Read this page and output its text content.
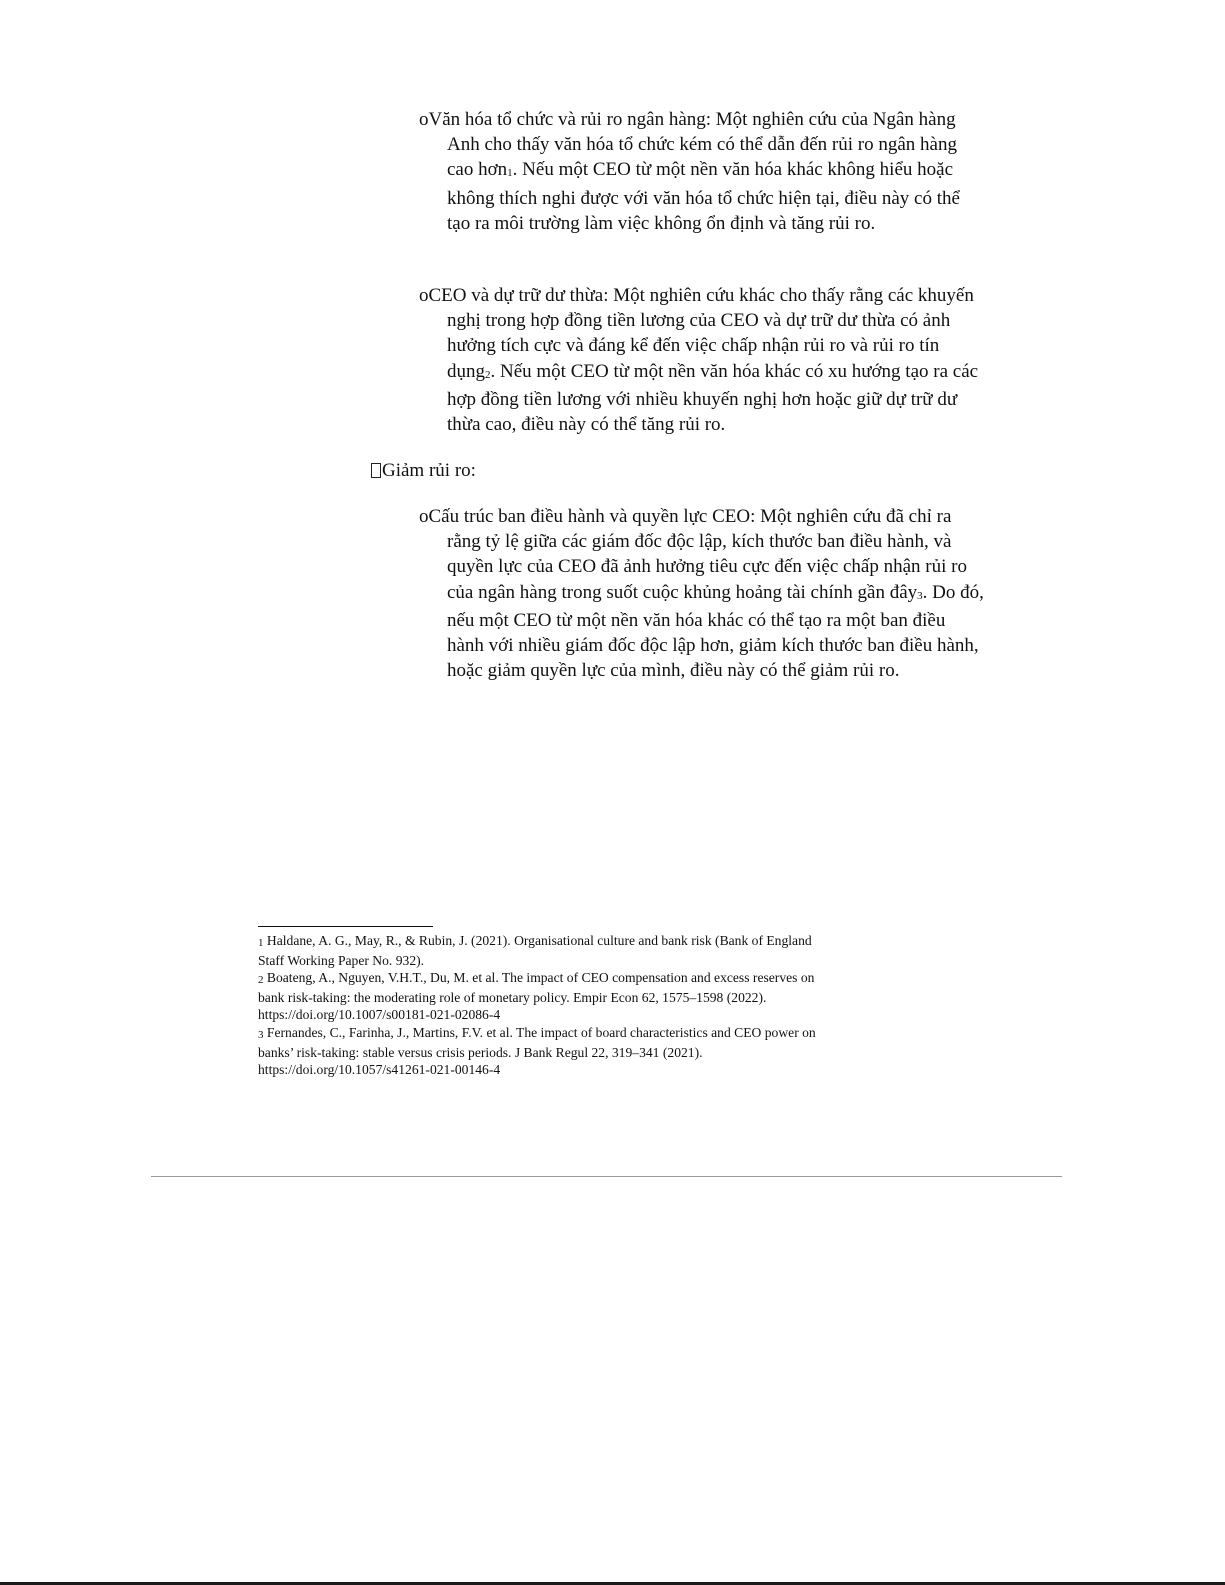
oVăn hóa tổ chức và rủi ro ngân hàng: Một nghiên cứu của Ngân hàng Anh cho thấy văn hóa tổ chức kém có thể dẫn đến rủi ro ngân hàng cao hơn$_1$. Nếu một CEO từ một nền văn hóa khác không hiểu hoặc không thích nghi được với văn hóa tổ chức hiện tại, điều này có thể tạo ra môi trường làm việc không ổn định và tăng rủi ro.

oCEO và dự trữ dư thừa: Một nghiên cứu khác cho thấy rằng các khuyến nghị trong hợp đồng tiền lương của CEO và dự trữ dư thừa có ảnh hưởng tích cực và đáng kể đến việc chấp nhận rủi ro và rủi ro tín dụng$_2$. Nếu một CEO từ một nền văn hóa khác có xu hướng tạo ra các hợp đồng tiền lương với nhiều khuyến nghị hơn hoặc giữ dự trữ dư thừa cao, điều này có thể tăng rủi ro.

Giảm rủi ro:

oCấu trúc ban điều hành và quyền lực CEO: Một nghiên cứu đã chỉ ra rằng tỷ lệ giữa các giám đốc độc lập, kích thước ban điều hành, và quyền lực của CEO đã ảnh hưởng tiêu cực đến việc chấp nhận rủi ro của ngân hàng trong suốt cuộc khủng hoảng tài chính gần đây$_3$. Do đó, nếu một CEO từ một nền văn hóa khác có thể tạo ra một ban điều hành với nhiều giám đốc độc lập hơn, giảm kích thước ban điều hành, hoặc giảm quyền lực của mình, điều này có thể giảm rủi ro.

1 Haldane, A. G., May, R., & Rubin, J. (2021). Organisational culture and bank risk (Bank of England Staff Working Paper No. 932).

2 Boateng, A., Nguyen, V.H.T., Du, M. et al. The impact of CEO compensation and excess reserves on bank risk-taking: the moderating role of monetary policy. Empir Econ 62, 1575–1598 (2022). https://doi.org/10.1007/s00181-021-02086-4

3 Fernandes, C., Farinha, J., Martins, F.V. et al. The impact of board characteristics and CEO power on banks’ risk-taking: stable versus crisis periods. J Bank Regul 22, 319–341 (2021). https://doi.org/10.1057/s41261-021-00146-4
